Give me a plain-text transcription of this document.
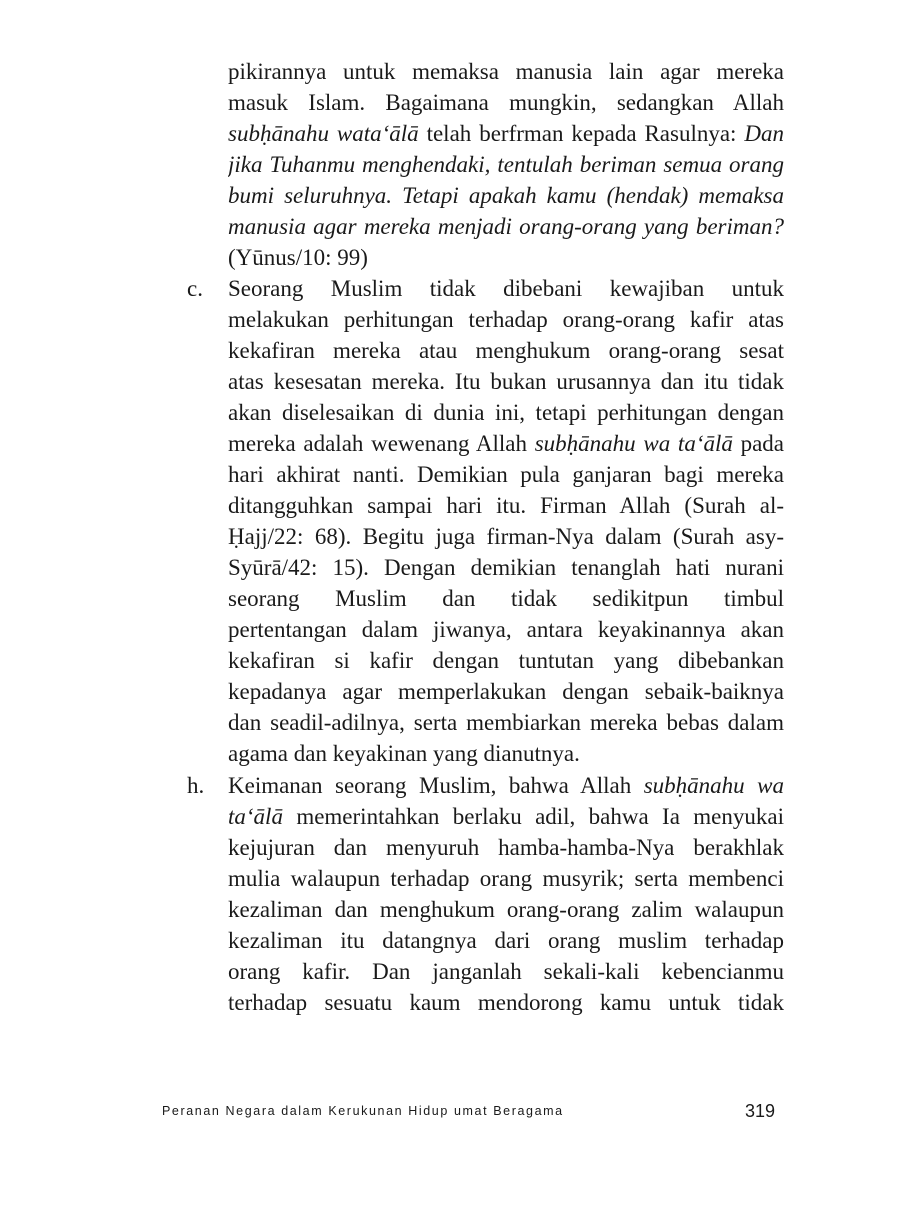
pikirannya untuk memaksa manusia lain agar mereka
masuk Islam. Bagaimana mungkin, sedangkan Allah
subḥānahu wata‘ālā telah berfrman kepada Rasulnya: Dan
jika Tuhanmu menghendaki, tentulah beriman semua orang
bumi seluruhnya. Tetapi apakah kamu (hendak) memaksa
manusia agar mereka menjadi orang-orang yang beriman?
(Yūnus/10: 99)
c.	Seorang Muslim tidak dibebani kewajiban untuk
melakukan perhitungan terhadap orang-orang kafir atas
kekafiran mereka atau menghukum orang-orang sesat
atas kesesatan mereka. Itu bukan urusannya dan itu tidak
akan diselesaikan di dunia ini, tetapi perhitungan dengan
mereka adalah wewenang Allah subḥānahu wa ta‘ālā pada
hari akhirat nanti. Demikian pula ganjaran bagi mereka
ditangguhkan sampai hari itu. Firman Allah (Surah al-
Ḥajj/22: 68). Begitu juga firman-Nya dalam (Surah asy-
Syūrā/42: 15). Dengan demikian tenanglah hati nurani
seorang Muslim dan tidak sedikitpun timbul
pertentangan dalam jiwanya, antara keyakinannya akan
kekafiran si kafir dengan tuntutan yang dibebankan
kepadanya agar memperlakukan dengan sebaik-baiknya
dan seadil-adilnya, serta membiarkan mereka bebas dalam
agama dan keyakinan yang dianutnya.
h.	Keimanan seorang Muslim, bahwa Allah subḥānahu wa
ta‘ālā memerintahkan berlaku adil, bahwa Ia menyukai
kejujuran dan menyuruh hamba-hamba-Nya berakhlak
mulia walaupun terhadap orang musyrik; serta membenci
kezaliman dan menghukum orang-orang zalim walaupun
kezaliman itu datangnya dari orang muslim terhadap
orang kafir. Dan janganlah sekali-kali kebencianmu
terhadap sesuatu kaum mendorong kamu untuk tidak
Peranan Negara dalam Kerukunan Hidup umat Beragama	319
